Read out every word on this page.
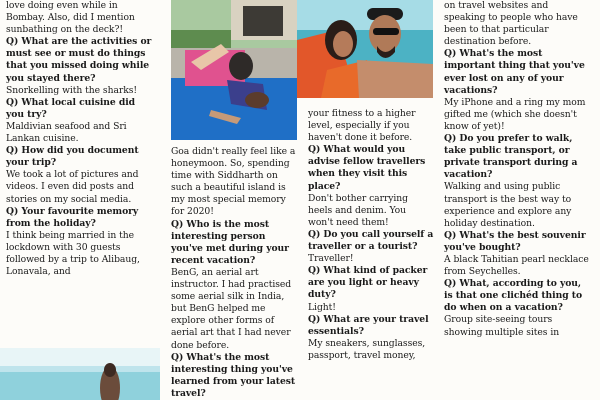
love doing even while in Bombay. Also, did I mention sunbathing on the deck?!

Q) What are the activities or must see or must do things that you missed doing while you stayed there?

Snorkelling with the sharks!

Q) What local cuisine did you try?

Maldivian seafood and Sri Lankan cuisine.

Q) How did you document your trip?

We took a lot of pictures and videos. I even did posts and stories on my social media.

Q) Your favourite memory from the holiday?

I think being married in the lockdown with 30 guests followed by a trip to Alibaug, Lonavala, and

Goa didn't really feel like a honeymoon. So, spending time with Siddharth on such a beautiful island is my most special memory for 2020!

Q) Who is the most interesting person you've met during your recent vacation?

BenG, an aerial art instructor. I had practised some aerial silk in India, but BenG helped me explore other forms of aerial art that I had never done before.

Q) What's the most interesting thing you've learned from your latest travel?

your fitness to a higher level, especially if you haven't done it before.

Q) What would you advise fellow travellers when they visit this place?

Don't bother carrying heels and denim. You won't need them!

Q) Do you call yourself a traveller or a tourist?

Traveller!

Q) What kind of packer are you light or heavy duty?

Light!

Q) What are your travel essentials?

My sneakers, sunglasses, passport, travel money,

on travel websites and speaking to people who have been to that particular destination before.

Q) What's the most important thing that you've ever lost on any of your vacations?

My iPhone and a ring my mom gifted me (which she doesn't know of yet)!

Q) Do you prefer to walk, take public transport, or private transport during a vacation?

Walking and using public transport is the best way to experience and explore any holiday destination.

Q) What's the best souvenir you've bought?

A black Tahitian pearl necklace from Seychelles.

Q) What, according to you, is that one clichéd thing to do when on a vacation?

Group site-seeing tours showing multiple sites in
